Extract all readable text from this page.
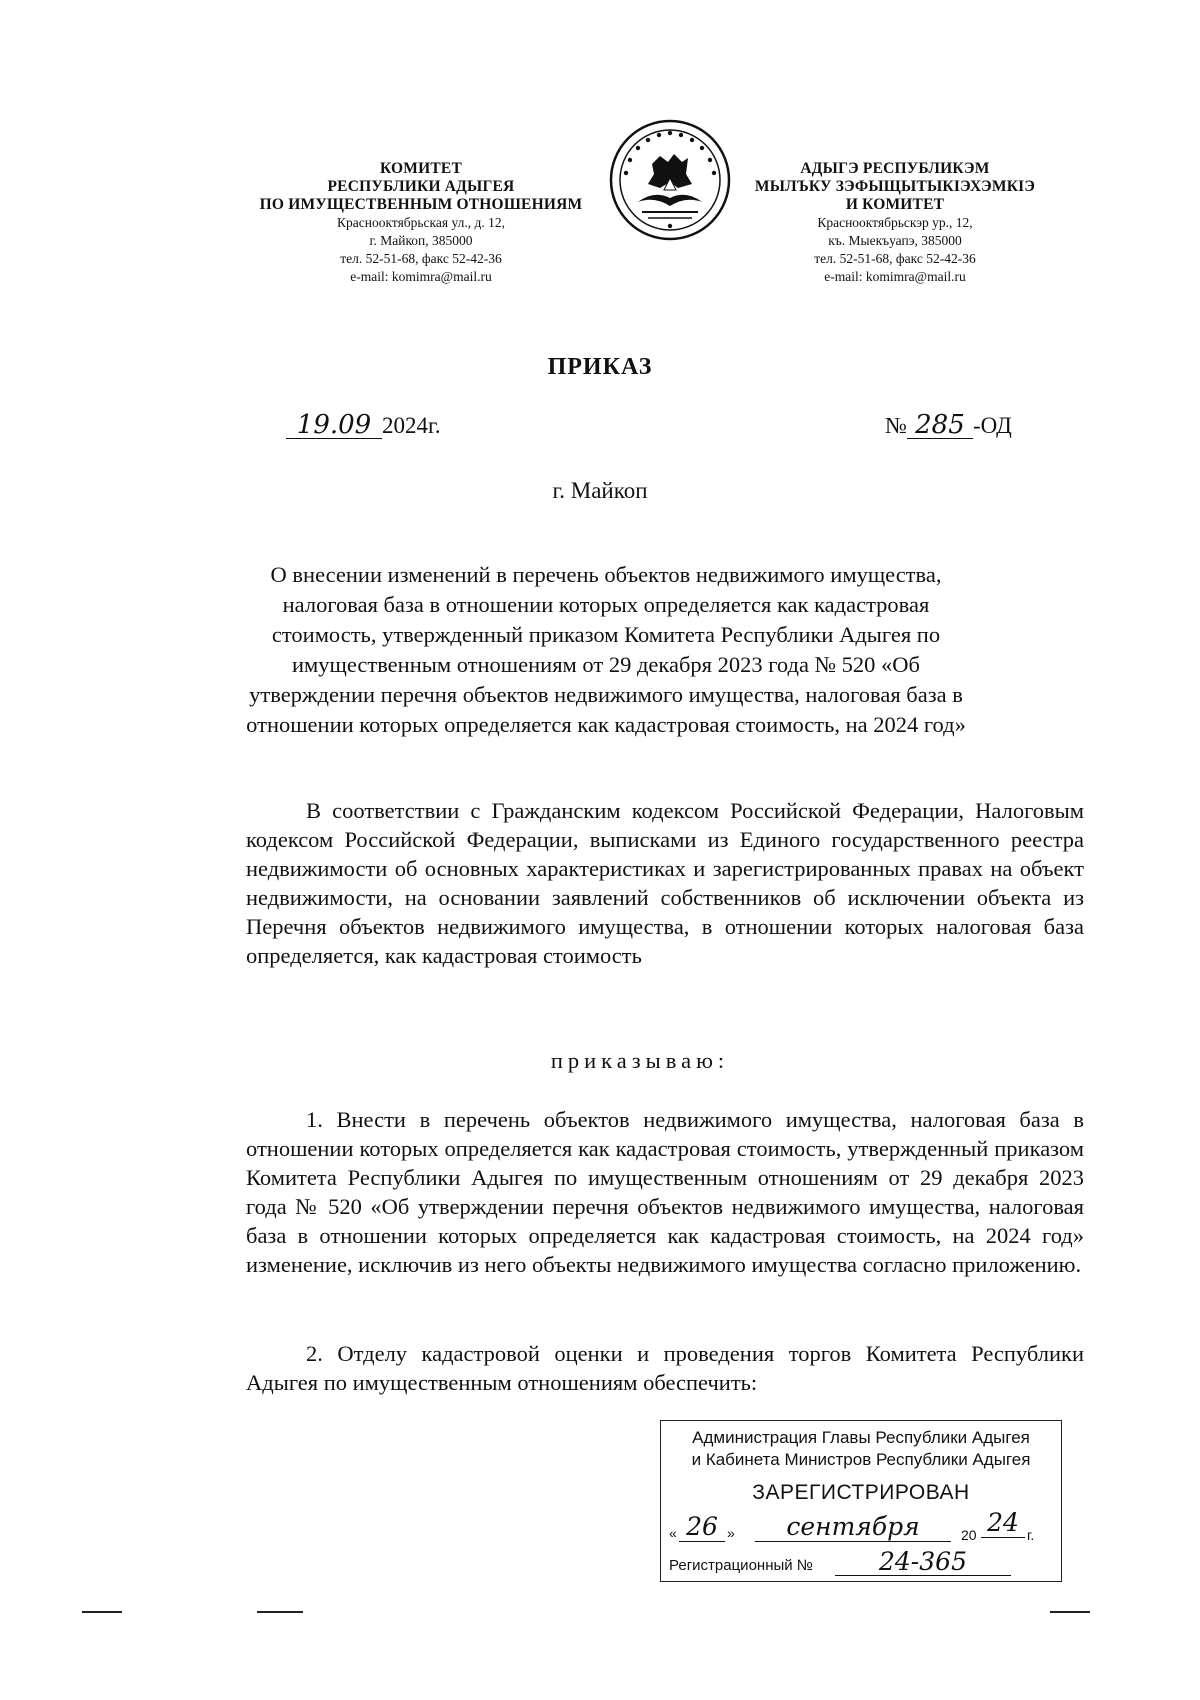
КОМИТЕТ
РЕСПУБЛИКИ АДЫГЕЯ
ПО ИМУЩЕСТВЕННЫМ ОТНОШЕНИЯМ
Краснооктябрьская ул., д. 12,
г. Майкоп, 385000
тел. 52-51-68, факс 52-42-36
e-mail: komimra@mail.ru
АДЫГЭ РЕСПУБЛИКЭМ
МЫЛЪКУ ЗЭФЫЩЫТЫКIЭХЭМКIЭ
И КОМИТЕТ
Краснооктябрьскэр ур., 12,
къ. Мыекъуапэ, 385000
тел. 52-51-68, факс 52-42-36
e-mail: komimra@mail.ru
ПРИКАЗ
19.09 2024г.	№ 285 -ОД
г. Майкоп
О внесении изменений в перечень объектов недвижимого имущества, налоговая база в отношении которых определяется как кадастровая стоимость, утвержденный приказом Комитета Республики Адыгея по имущественным отношениям от 29 декабря 2023 года № 520 «Об утверждении перечня объектов недвижимого имущества, налоговая база в отношении которых определяется как кадастровая стоимость, на 2024 год»
В соответствии с Гражданским кодексом Российской Федерации, Налоговым кодексом Российской Федерации, выписками из Единого государственного реестра недвижимости об основных характеристиках и зарегистрированных правах на объект недвижимости, на основании заявлений собственников об исключении объекта из Перечня объектов недвижимого имущества, в отношении которых налоговая база определяется, как кадастровая стоимость
приказываю:
1. Внести в перечень объектов недвижимого имущества, налоговая база в отношении которых определяется как кадастровая стоимость, утвержденный приказом Комитета Республики Адыгея по имущественным отношениям от 29 декабря 2023 года № 520 «Об утверждении перечня объектов недвижимого имущества, налоговая база в отношении которых определяется как кадастровая стоимость, на 2024 год» изменение, исключив из него объекты недвижимого имущества согласно приложению.
2. Отделу кадастровой оценки и проведения торгов Комитета Республики Адыгея по имущественным отношениям обеспечить:
Администрация Главы Республики Адыгея
и Кабинета Министров Республики Адыгея
ЗАРЕГИСТРИРОВАН
« 26 »	сентября	20 24 г.
Регистрационный №	24-365
